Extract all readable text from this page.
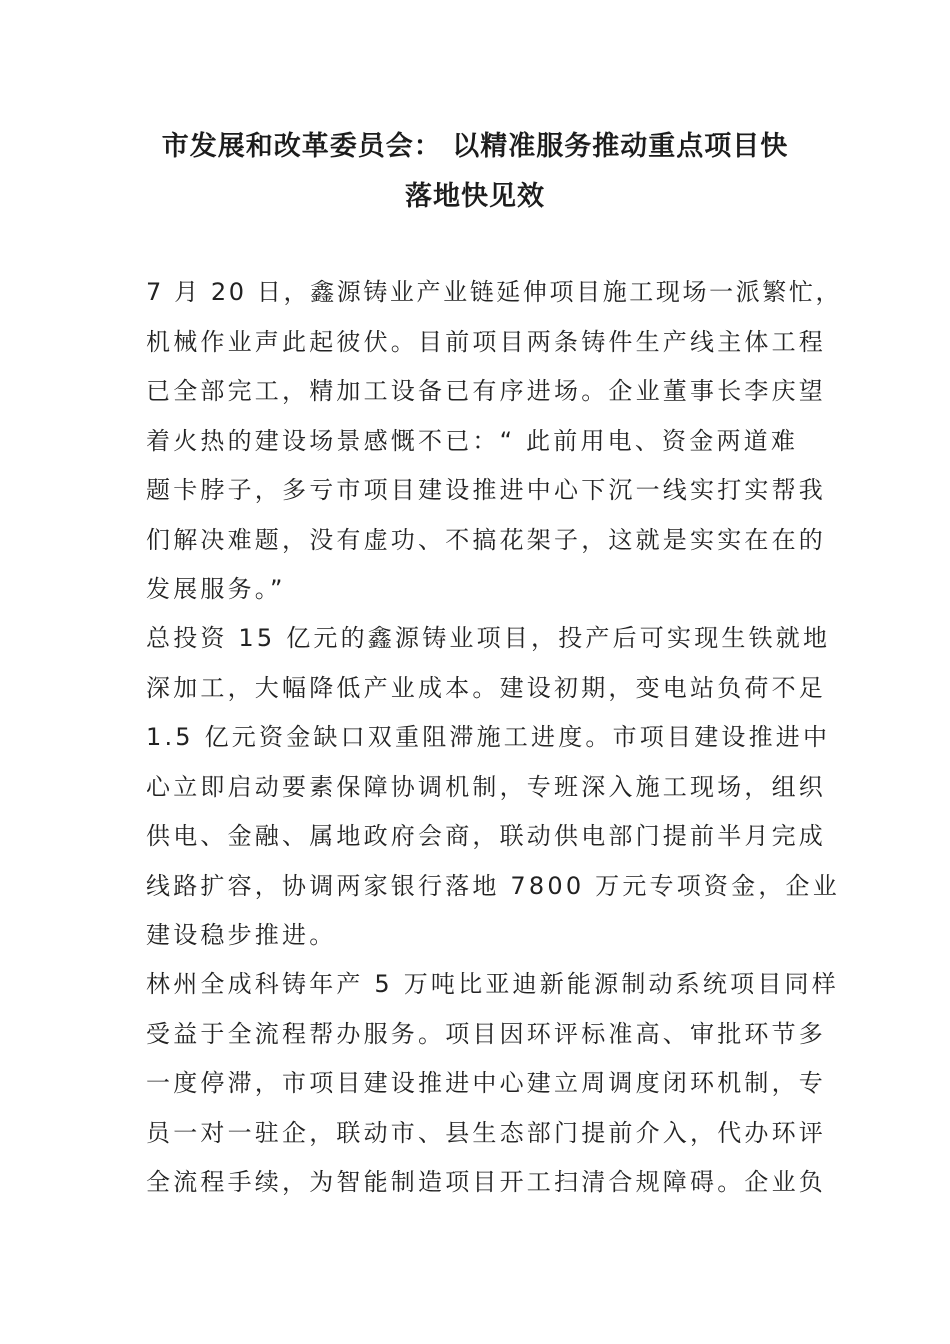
市发展和改革委员会： 以精准服务推动重点项目快
落地快见效
7 月 20 日，鑫源铸业产业链延伸项目施工现场一派繁忙，
机械作业声此起彼伏。目前项目两条铸件生产线主体工程
已全部完工，精加工设备已有序进场。企业董事长李庆望
着火热的建设场景感慨不已：“ 此前用电、资金两道难
题卡脖子，多亏市项目建设推进中心下沉一线实打实帮我
们解决难题，没有虚功、不搞花架子，这就是实实在在的
发展服务。”
总投资 15 亿元的鑫源铸业项目，投产后可实现生铁就地
深加工，大幅降低产业成本。建设初期，变电站负荷不足
1.5 亿元资金缺口双重阻滞施工进度。市项目建设推进中
心立即启动要素保障协调机制，专班深入施工现场，组织
供电、金融、属地政府会商，联动供电部门提前半月完成
线路扩容，协调两家银行落地 7800 万元专项资金，企业
建设稳步推进。
林州全成科铸年产 5 万吨比亚迪新能源制动系统项目同样
受益于全流程帮办服务。项目因环评标准高、审批环节多
一度停滞，市项目建设推进中心建立周调度闭环机制，专
员一对一驻企，联动市、县生态部门提前介入，代办环评
全流程手续，为智能制造项目开工扫清合规障碍。企业负
